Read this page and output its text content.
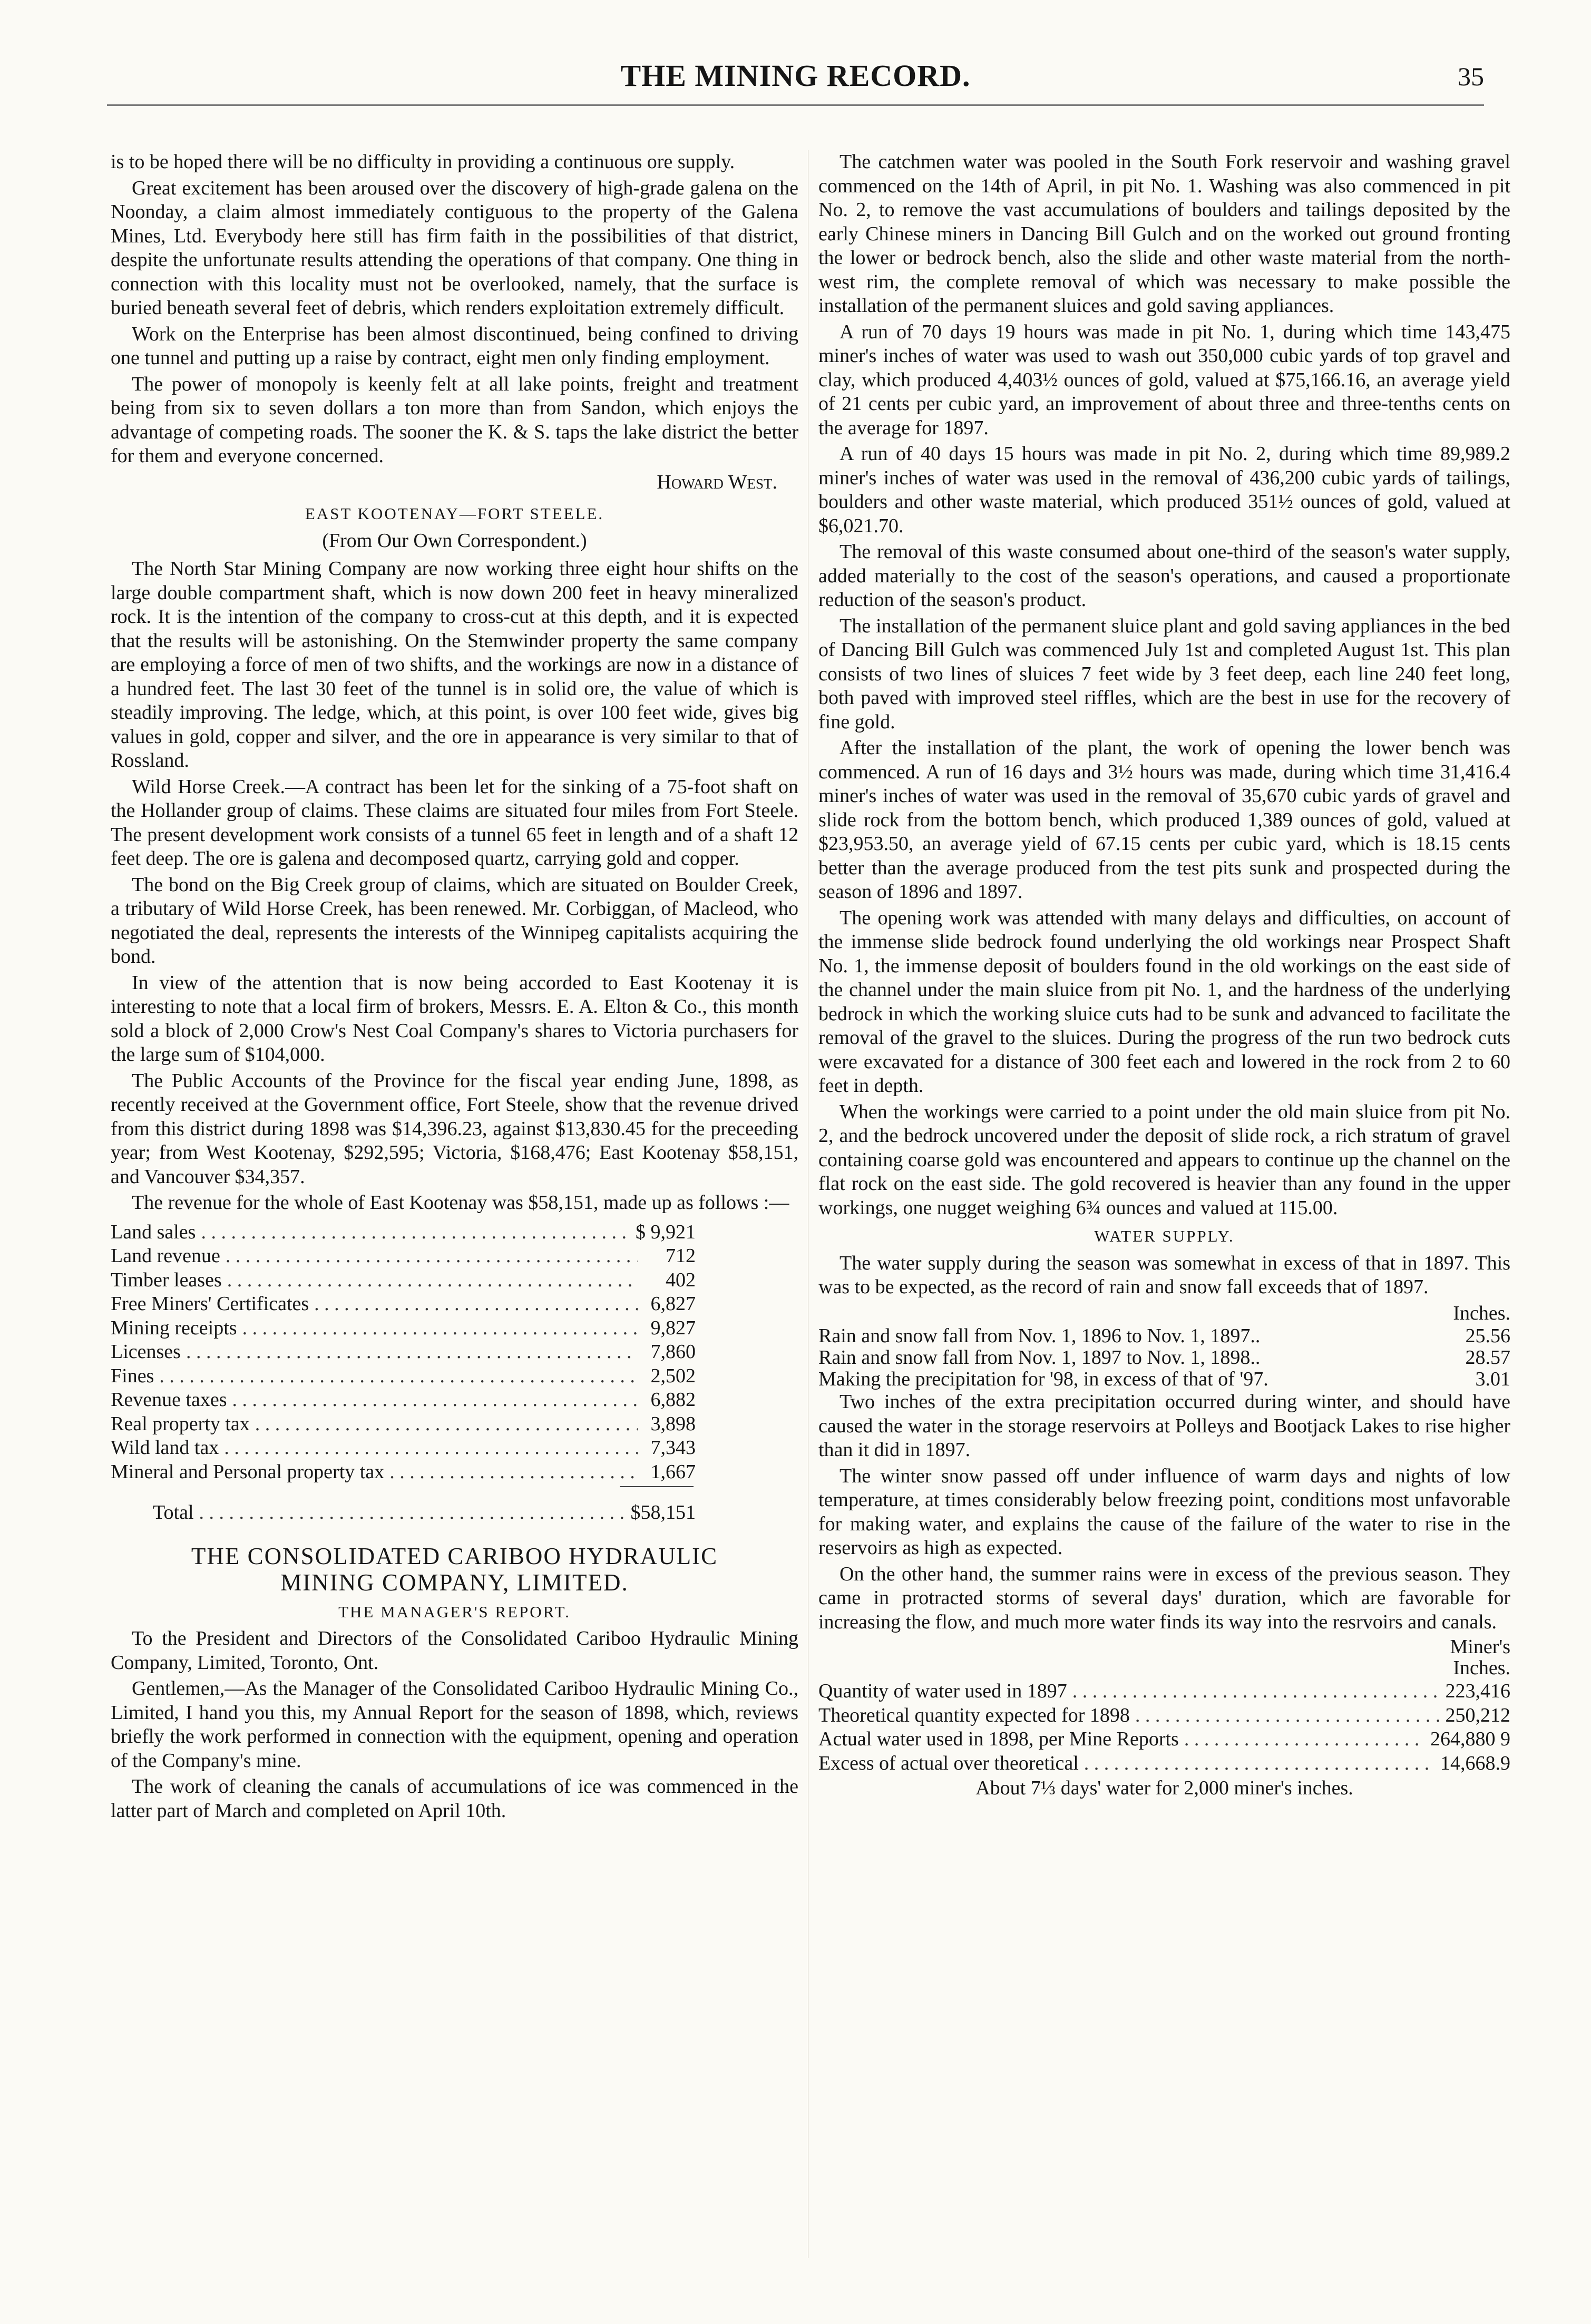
THE MINING RECORD.	35

is to be hoped there will be no difficulty in providing a continuous ore supply.

Great excitement has been aroused over the discovery of high-grade galena on the Noonday, a claim almost immediately contiguous to the property of the Galena Mines, Ltd. Everybody here still has firm faith in the possibilities of that district, despite the unfortunate results attending the operations of that company. One thing in connection with this locality must not be overlooked, namely, that the surface is buried beneath several feet of debris, which renders exploitation extremely difficult.

Work on the Enterprise has been almost discontinued, being confined to driving one tunnel and putting up a raise by contract, eight men only finding employment.

The power of monopoly is keenly felt at all lake points, freight and treatment being from six to seven dollars a ton more than from Sandon, which enjoys the advantage of competing roads. The sooner the K. & S. taps the lake district the better for them and everyone concerned.

Howard West.
EAST KOOTENAY—FORT STEELE.
(From Our Own Correspondent.)

The North Star Mining Company are now working three eight hour shifts on the large double compartment shaft, which is now down 200 feet in heavy mineralized rock. It is the intention of the company to cross-cut at this depth, and it is expected that the results will be astonishing. On the Stemwinder property the same company are employing a force of men of two shifts, and the workings are now in a distance of a hundred feet. The last 30 feet of the tunnel is in solid ore, the value of which is steadily improving. The ledge, which, at this point, is over 100 feet wide, gives big values in gold, copper and silver, and the ore in appearance is very similar to that of Rossland.

Wild Horse Creek.—A contract has been let for the sinking of a 75-foot shaft on the Hollander group of claims. These claims are situated four miles from Fort Steele. The present development work consists of a tunnel 65 feet in length and of a shaft 12 feet deep. The ore is galena and decomposed quartz, carrying gold and copper.

The bond on the Big Creek group of claims, which are situated on Boulder Creek, a tributary of Wild Horse Creek, has been renewed. Mr. Corbiggan, of Macleod, who negotiated the deal, represents the interests of the Winnipeg capitalists acquiring the bond.

In view of the attention that is now being accorded to East Kootenay it is interesting to note that a local firm of brokers, Messrs. E. A. Elton & Co., this month sold a block of 2,000 Crow's Nest Coal Company's shares to Victoria purchasers for the large sum of $104,000.

The Public Accounts of the Province for the fiscal year ending June, 1898, as recently received at the Government office, Fort Steele, show that the revenue drived from this district during 1898 was $14,396.23, against $13,830.45 for the preceeding year; from West Kootenay, $292,595; Victoria, $168,476; East Kootenay $58,151, and Vancouver $34,357.

The revenue for the whole of East Kootenay was $58,151, made up as follows :—

Land sales . . .	$ 9,921
Land revenue . . .	712
Timber leases . . .	402
Free Miners' Certificates . . .	6,827
Mining receipts . . .	9,827
Licenses . . .	7,860
Fines . . .	2,502
Revenue taxes . . .	6,882
Real property tax . . .	3,898
Wild land tax . . .	7,343
Mineral and Personal property tax . . .	1,667
Total . . .	$58,151
THE CONSOLIDATED CARIBOO HYDRAULIC
MINING COMPANY, LIMITED.
THE MANAGER'S REPORT.

To the President and Directors of the Consolidated Cariboo Hydraulic Mining Company, Limited, Toronto, Ont.

Gentlemen,—As the Manager of the Consolidated Cariboo Hydraulic Mining Co., Limited, I hand you this, my Annual Report for the season of 1898, which, reviews briefly the work performed in connection with the equipment, opening and operation of the Company's mine.

The work of cleaning the canals of accumulations of ice was commenced in the latter part of March and completed on April 10th.

The catchmen water was pooled in the South Fork reservoir and washing gravel commenced on the 14th of April, in pit No. 1. Washing was also commenced in pit No. 2, to remove the vast accumulations of boulders and tailings deposited by the early Chinese miners in Dancing Bill Gulch and on the worked out ground fronting the lower or bedrock bench, also the slide and other waste material from the north-west rim, the complete removal of which was necessary to make possible the installation of the permanent sluices and gold saving appliances.

A run of 70 days 19 hours was made in pit No. 1, during which time 143,475 miner's inches of water was used to wash out 350,000 cubic yards of top gravel and clay, which produced 4,403½ ounces of gold, valued at $75,166.16, an average yield of 21 cents per cubic yard, an improvement of about three and three-tenths cents on the average for 1897.

A run of 40 days 15 hours was made in pit No. 2, during which time 89,989.2 miner's inches of water was used in the removal of 436,200 cubic yards of tailings, boulders and other waste material, which produced 351½ ounces of gold, valued at $6,021.70.

The removal of this waste consumed about one-third of the season's water supply, added materially to the cost of the season's operations, and caused a proportionate reduction of the season's product.

The installation of the permanent sluice plant and gold saving appliances in the bed of Dancing Bill Gulch was commenced July 1st and completed August 1st. This plan consists of two lines of sluices 7 feet wide by 3 feet deep, each line 240 feet long, both paved with improved steel riffles, which are the best in use for the recovery of fine gold.

After the installation of the plant, the work of opening the lower bench was commenced. A run of 16 days and 3½ hours was made, during which time 31,416.4 miner's inches of water was used in the removal of 35,670 cubic yards of gravel and slide rock from the bottom bench, which produced 1,389 ounces of gold, valued at $23,953.50, an average yield of 67.15 cents per cubic yard, which is 18.15 cents better than the average produced from the test pits sunk and prospected during the season of 1896 and 1897.

The opening work was attended with many delays and difficulties, on account of the immense slide bedrock found underlying the old workings near Prospect Shaft No. 1, the immense deposit of boulders found in the old workings on the east side of the channel under the main sluice from pit No. 1, and the hardness of the underlying bedrock in which the working sluice cuts had to be sunk and advanced to facilitate the removal of the gravel to the sluices. During the progress of the run two bedrock cuts were excavated for a distance of 300 feet each and lowered in the rock from 2 to 60 feet in depth.

When the workings were carried to a point under the old main sluice from pit No. 2, and the bedrock uncovered under the deposit of slide rock, a rich stratum of gravel containing coarse gold was encountered and appears to continue up the channel on the flat rock on the east side. The gold recovered is heavier than any found in the upper workings, one nugget weighing 6¾ ounces and valued at 115.00.

WATER SUPPLY.

The water supply during the season was somewhat in excess of that in 1897. This was to be expected, as the record of rain and snow fall exceeds that of 1897.

Inches.
Rain and snow fall from Nov. 1, 1896 to Nov. 1, 1897..	25.56
Rain and snow fall from Nov. 1, 1897 to Nov. 1, 1898..	28.57
Making the precipitation for '98, in excess of that of '97.	3.01

Two inches of the extra precipitation occurred during winter, and should have caused the water in the storage reservoirs at Polleys and Bootjack Lakes to rise higher than it did in 1897.

The winter snow passed off under influence of warm days and nights of low temperature, at times considerably below freezing point, conditions most unfavorable for making water, and explains the cause of the failure of the water to rise in the reservoirs as high as expected.

On the other hand, the summer rains were in excess of the previous season. They came in protracted storms of several days' duration, which are favorable for increasing the flow, and much more water finds its way into the resrvoirs and canals.

Miner's
Inches.
Quantity of water used in 1897 . . .	223,416
Theoretical quantity expected for 1898 . . .	250,212
Actual water used in 1898, per Mine Reports . . .	264,880 9
Excess of actual over theoretical . . .	14,668.9
About 7⅓ days' water for 2,000 miner's inches.
